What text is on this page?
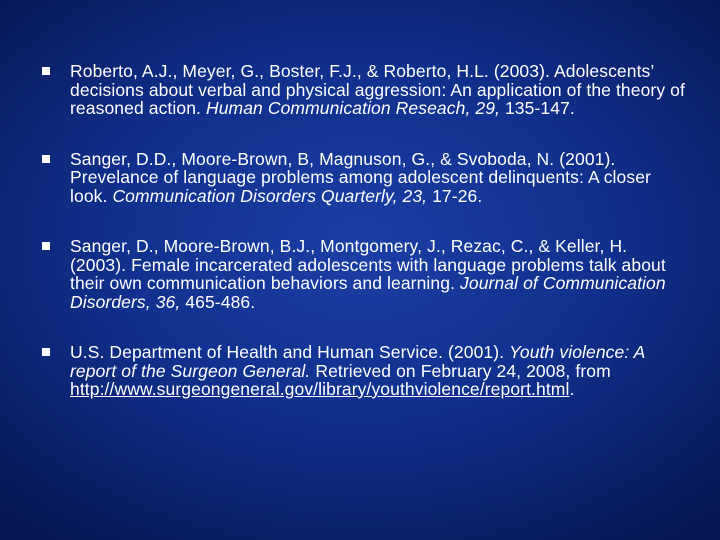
Roberto, A.J., Meyer, G., Boster, F.J., & Roberto, H.L. (2003). Adolescents’ decisions about verbal and physical aggression: An application of the theory of reasoned action. Human Communication Reseach, 29, 135-147.
Sanger, D.D., Moore-Brown, B, Magnuson, G., & Svoboda, N. (2001). Prevelance of language problems among adolescent delinquents: A closer look. Communication Disorders Quarterly, 23, 17-26.
Sanger, D., Moore-Brown, B.J., Montgomery, J., Rezac, C., & Keller, H. (2003). Female incarcerated adolescents with language problems talk about their own communication behaviors and learning. Journal of Communication Disorders, 36, 465-486.
U.S. Department of Health and Human Service. (2001). Youth violence: A report of the Surgeon General. Retrieved on February 24, 2008, from http://www.surgeongeneral.gov/library/youthviolence/report.html.
